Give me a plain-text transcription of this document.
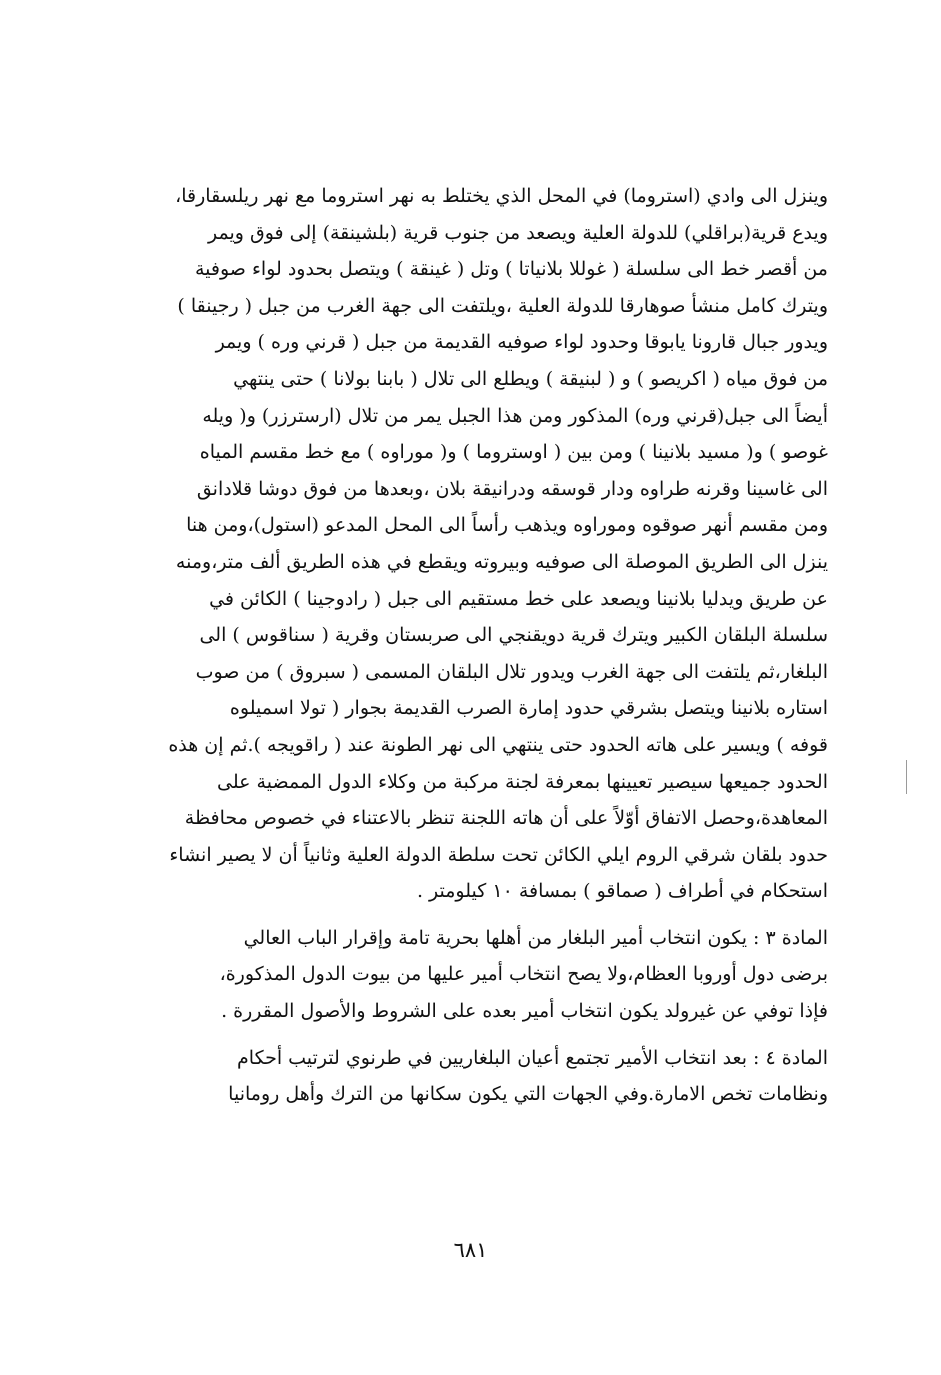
وينزل الى وادي (استروما) في المحل الذي يختلط به نهر استروما مع نهر ريلسقارقا،
ويدع قرية(براقلي) للدولة العلية ويصعد من جنوب قرية (بلشينقة) إلى فوق ويمر
من أقصر خط الى سلسلة ( غوللا بلانياتا ) وتل ( غينقة ) ويتصل بحدود لواء صوفية
ويترك كامل منشأ صوهارقا للدولة العلية ،ويلتفت الى جهة الغرب من جبل ( رجينقا )
ويدور جبال قارونا يابوقا وحدود لواء صوفيه القديمة من جبل ( قرني وره ) ويمر
من فوق مياه ( اكريصو ) و ( لبنيقة ) ويطلع الى تلال ( بابنا بولانا ) حتى ينتهي
أيضاً الى جبل(قرني وره) المذكور ومن هذا الجبل يمر من تلال (ارسترزر) و( ويله
غوصو ) و( مسيد بلانينا ) ومن بين ( اوستروما ) و( موراوه ) مع خط مقسم المياه
الى غاسينا وقرنه طراوه ودار قوسقه ودرانيقة بلان ،وبعدها من فوق دوشا قلادانق
ومن مقسم أنهر صوقوه وموراوه ويذهب رأساً الى المحل المدعو (استول)،ومن هنا
ينزل الى الطريق الموصلة الى صوفيه وبيروته ويقطع في هذه الطريق ألف متر،ومنه
عن طريق ويدليا بلانينا ويصعد على خط مستقيم الى جبل ( رادوجينا ) الكائن في
سلسلة البلقان الكبير ويترك قرية دويقنجي الى صربستان وقرية ( سناقوس ) الى
البلغار،ثم يلتفت الى جهة الغرب ويدور تلال البلقان المسمى ( سبروق ) من صوب
استاره بلانينا ويتصل بشرقي حدود إمارة الصرب القديمة بجوار ( تولا اسميلوه
قوفه ) ويسير على هاته الحدود حتى ينتهي الى نهر الطونة عند ( راقويجه ).ثم إن هذه
الحدود جميعها سيصير تعيينها بمعرفة لجنة مركبة من وكلاء الدول الممضية على
المعاهدة،وحصل الاتفاق أوّلاً على أن هاته اللجنة تنظر بالاعتناء في خصوص محافظة
حدود بلقان شرقي الروم ايلي الكائن تحت سلطة الدولة العلية وثانياً أن لا يصير انشاء
استحكام في أطراف ( صماقو ) بمسافة ١٠ كيلومتر .
المادة ٣ : يكون انتخاب أمير البلغار من أهلها بحرية تامة وإقرار الباب العالي
برضى دول أوروبا العظام،ولا يصح انتخاب أمير عليها من بيوت الدول المذكورة،
فإذا توفي عن غيرولد يكون انتخاب أمير بعده على الشروط والأصول المقررة .
المادة ٤ : بعد انتخاب الأمير تجتمع أعيان البلغاريين في طرنوي لترتيب أحكام
ونظامات تخص الامارة.وفي الجهات التي يكون سكانها من الترك وأهل رومانيا
٦٨١
